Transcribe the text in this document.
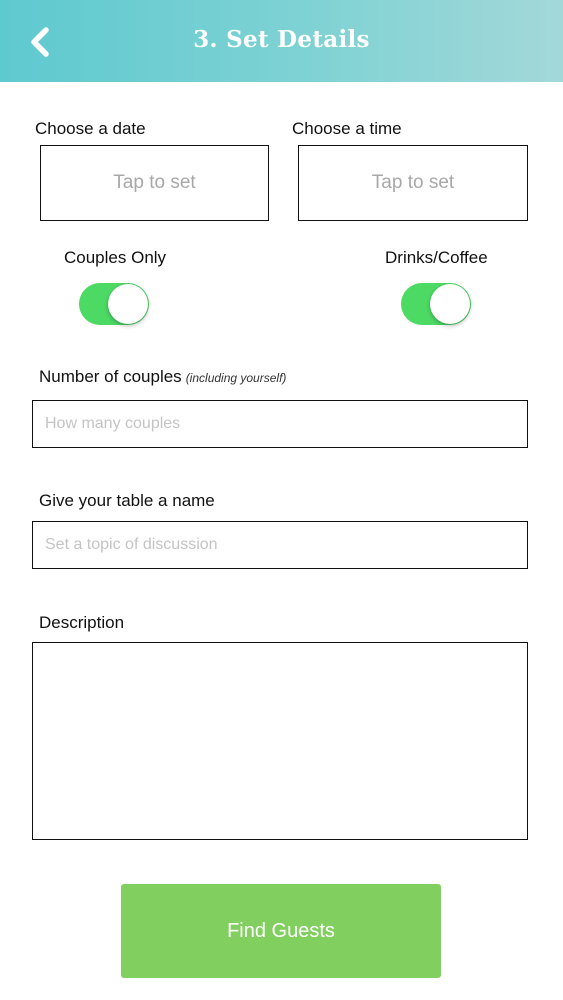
3. Set Details
Choose a date
Tap to set
Choose a time
Tap to set
Couples Only	Drinks/Coffee
Number of couples (including yourself)
How many couples
Give your table a name
Set a topic of discussion
Description
Find Guests
